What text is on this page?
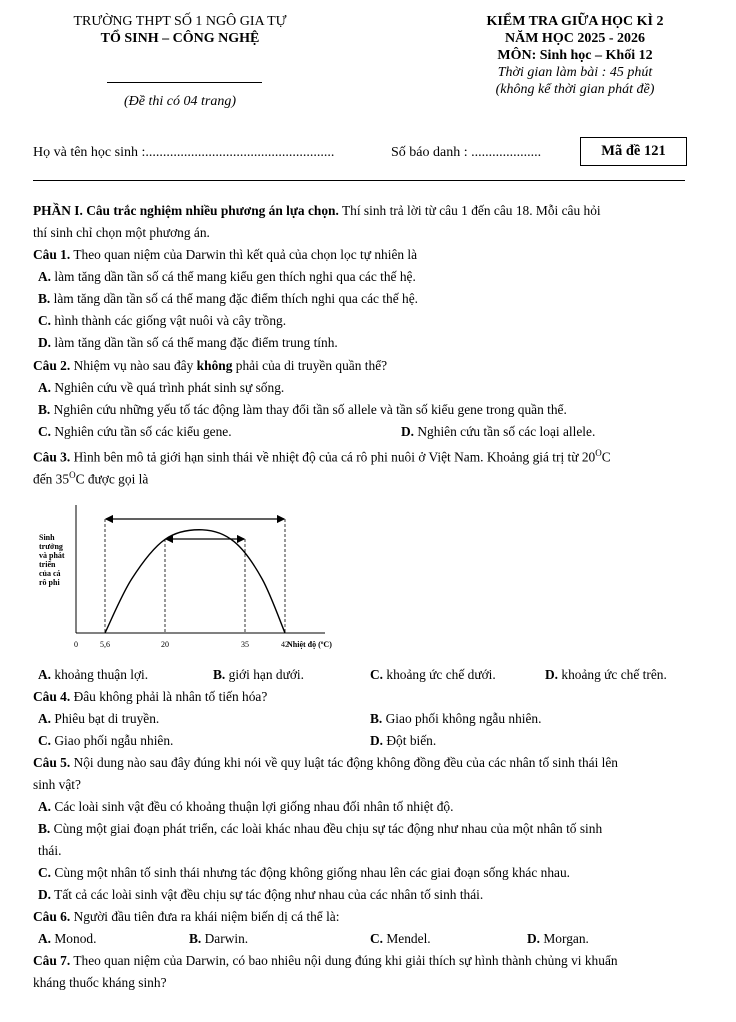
TRƯỜNG THPT SỐ 1 NGÔ GIA TỰ
TỔ SINH – CÔNG NGHỆ
(Đề thi có 04 trang)
KIỂM TRA GIỮA HỌC KÌ 2
NĂM HỌC 2025 - 2026
MÔN: Sinh học – Khối 12
Thời gian làm bài : 45 phút
(không kể thời gian phát đề)
Họ và tên học sinh :......................................................	Số báo danh : ....................	Mã đề 121
PHẦN I. Câu trắc nghiệm nhiều phương án lựa chọn. Thí sinh trả lời từ câu 1 đến câu 18. Mỗi câu hỏi
thí sinh chỉ chọn một phương án.
Câu 1. Theo quan niệm của Darwin thì kết quả của chọn lọc tự nhiên là
A. làm tăng dần tần số cá thể mang kiểu gen thích nghi qua các thế hệ.
B. làm tăng dần tần số cá thể mang đặc điểm thích nghi qua các thế hệ.
C. hình thành các giống vật nuôi và cây trồng.
D. làm tăng dần tần số cá thể mang đặc điểm trung tính.
Câu 2. Nhiệm vụ nào sau đây không phải của di truyền quần thể?
A. Nghiên cứu về quá trình phát sinh sự sống.
B. Nghiên cứu những yếu tố tác động làm thay đổi tần số allele và tần số kiểu gene trong quần thể.
C. Nghiên cứu tần số các kiểu gene.	D. Nghiên cứu tần số các loại allele.
Câu 3. Hình bên mô tả giới hạn sinh thái về nhiệt độ của cá rô phi nuôi ở Việt Nam. Khoảng giá trị từ $20^OC$
đến $35^OC$ được gọi là
Sinh
trưởng
và phát
triển
của cá
rô phi
0	5,6	20	35	42
Nhiệt độ (ºC)
A. khoảng thuận lợi.	B. giới hạn dưới.	C. khoảng ức chế dưới.	D. khoảng ức chế trên.
Câu 4. Đâu không phải là nhân tố tiến hóa?
A. Phiêu bạt di truyền.	B. Giao phối không ngẫu nhiên.
C. Giao phối ngẫu nhiên.	D. Đột biến.
Câu 5. Nội dung nào sau đây đúng khi nói về quy luật tác động không đồng đều của các nhân tố sinh thái lên
sinh vật?
A. Các loài sinh vật đều có khoảng thuận lợi giống nhau đối nhân tố nhiệt độ.
B. Cùng một giai đoạn phát triển, các loài khác nhau đều chịu sự tác động như nhau của một nhân tố sinh
thái.
C. Cùng một nhân tố sinh thái nhưng tác động không giống nhau lên các giai đoạn sống khác nhau.
D. Tất cả các loài sinh vật đều chịu sự tác động như nhau của các nhân tố sinh thái.
Câu 6. Người đầu tiên đưa ra khái niệm biến dị cá thể là:
A. Monod.	B. Darwin.	C. Mendel.	D. Morgan.
Câu 7. Theo quan niệm của Darwin, có bao nhiêu nội dung đúng khi giải thích sự hình thành chủng vi khuẩn
kháng thuốc kháng sinh?
